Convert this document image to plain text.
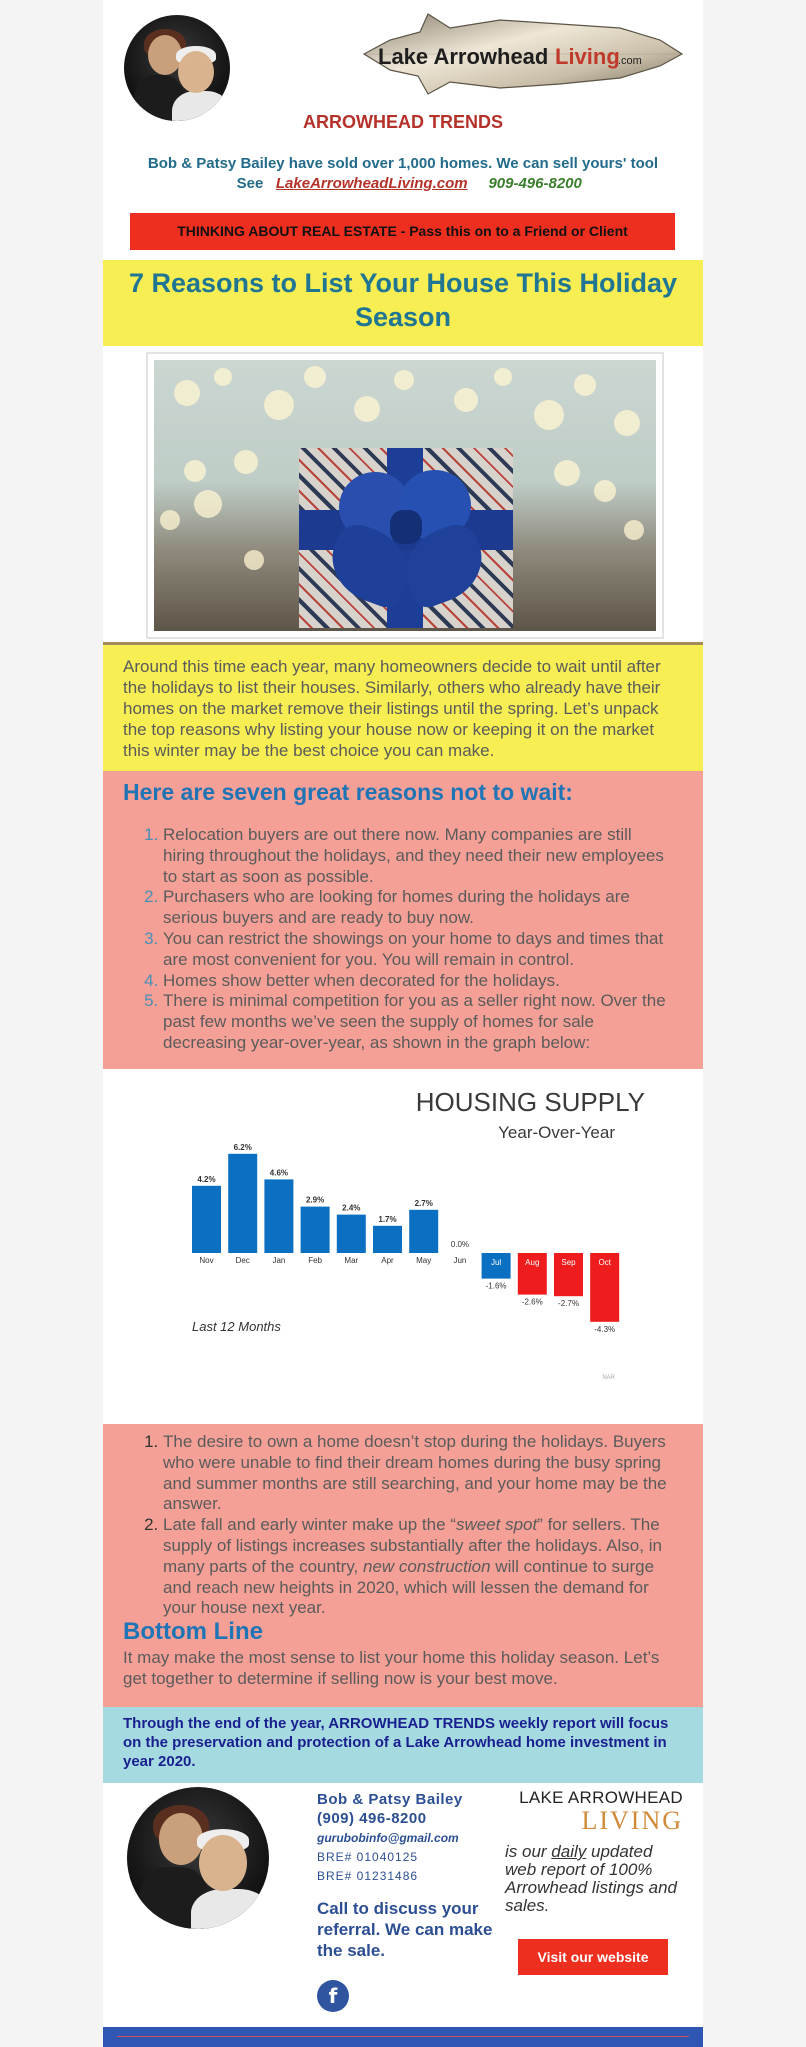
Lake Arrowhead Living
.com
ARROWHEAD TRENDS
Bob & Patsy Bailey have sold over 1,000 homes. We can sell yours' tool    See LakeArrowheadLiving.com 909-496-8200
THINKING ABOUT REAL ESTATE - Pass this on to a Friend or Client
7 Reasons to List Your House This Holiday Season

Around this time each year, many homeowners decide to wait until after the holidays to list their houses. Similarly, others who already have their homes on the market remove their listings until the spring. Let’s unpack the top reasons why listing your house now or keeping it on the market this winter may be the best choice you can make.

Here are seven great reasons not to wait:
1. Relocation buyers are out there now. Many companies are still hiring throughout the holidays, and they need their new employees to start as soon as possible.
2. Purchasers who are looking for homes during the holidays are serious buyers and are ready to buy now.
3. You can restrict the showings on your home to days and times that are most convenient for you. You will remain in control.
4. Homes show better when decorated for the holidays.
5. There is minimal competition for you as a seller right now. Over the past few months we’ve seen the supply of homes for sale decreasing year-over-year, as shown in the graph below:
HOUSING SUPPLY
Year-Over-Year
Last 12 Months
NAR
4.2%
Nov
6.2%
Dec
4.6%
Jan
2.9%
Feb
2.4%
Mar
1.7%
Apr
2.7%
May
0.0%
Jun
-1.6%
Jul
-2.6%
Aug
-2.7%
Sep
-4.3%
Oct
1. The desire to own a home doesn’t stop during the holidays. Buyers who were unable to find their dream homes during the busy spring and summer months are still searching, and your home may be the answer.
2. Late fall and early winter make up the “sweet spot” for sellers. The supply of listings increases substantially after the holidays. Also, in many parts of the country, new construction will continue to surge and reach new heights in 2020, which will lessen the demand for your house next year.
Bottom Line

It may make the most sense to list your home this holiday season. Let’s get together to determine if selling now is your best move.

Through the end of the year, ARROWHEAD TRENDS weekly report will focus on the preservation and protection of a Lake Arrowhead home investment in year 2020.

Bob & Patsy Bailey
(909) 496-8200
gurubobinfo@gmail.com
BRE# 01040125
BRE# 01231486
Call to discuss your referral. We can make the sale.
f
LAKE ARROWHEAD
LIVING
is our daily updated web report of 100% Arrowhead listings and sales.
Visit our website
